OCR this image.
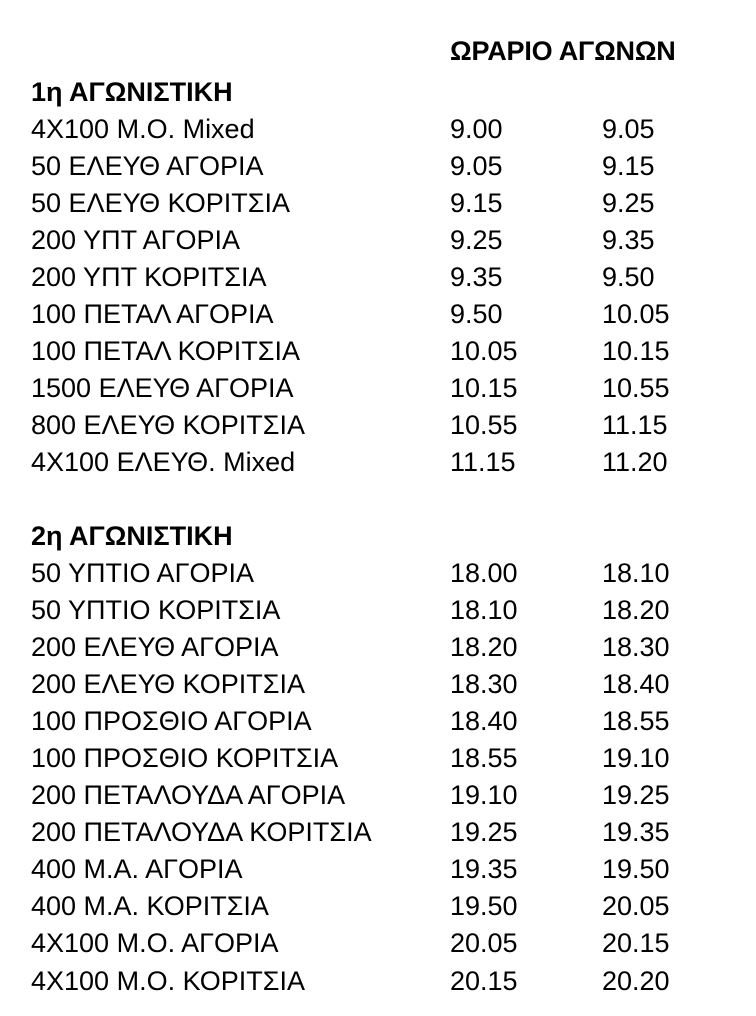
ΩΡΑΡΙΟ ΑΓΩΝΩΝ
1η ΑΓΩΝΙΣΤΙΚΗ
4Χ100 Μ.Ο. Mixed	9.00	9.05
50 ΕΛΕΥΘ ΑΓΟΡΙΑ	9.05	9.15
50 ΕΛΕΥΘ ΚΟΡΙΤΣΙΑ	9.15	9.25
200 ΥΠΤ ΑΓΟΡΙΑ	9.25	9.35
200 ΥΠΤ ΚΟΡΙΤΣΙΑ	9.35	9.50
100 ΠΕΤΑΛ ΑΓΟΡΙΑ	9.50	10.05
100 ΠΕΤΑΛ ΚΟΡΙΤΣΙΑ	10.05	10.15
1500 ΕΛΕΥΘ ΑΓΟΡΙΑ	10.15	10.55
800 ΕΛΕΥΘ ΚΟΡΙΤΣΙΑ	10.55	11.15
4Χ100 ΕΛΕΥΘ. Mixed	11.15	11.20
2η ΑΓΩΝΙΣΤΙΚΗ
50 ΥΠΤΙΟ ΑΓΟΡΙΑ	18.00	18.10
50 ΥΠΤΙΟ ΚΟΡΙΤΣΙΑ	18.10	18.20
200 ΕΛΕΥΘ ΑΓΟΡΙΑ	18.20	18.30
200 ΕΛΕΥΘ ΚΟΡΙΤΣΙΑ	18.30	18.40
100 ΠΡΟΣΘΙΟ ΑΓΟΡΙΑ	18.40	18.55
100 ΠΡΟΣΘΙΟ ΚΟΡΙΤΣΙΑ	18.55	19.10
200 ΠΕΤΑΛΟΥΔΑ ΑΓΟΡΙΑ	19.10	19.25
200 ΠΕΤΑΛΟΥΔΑ ΚΟΡΙΤΣΙΑ	19.25	19.35
400 Μ.Α. ΑΓΟΡΙΑ	19.35	19.50
400 Μ.Α. ΚΟΡΙΤΣΙΑ	19.50	20.05
4Χ100 Μ.Ο. ΑΓΟΡΙΑ	20.05	20.15
4Χ100 Μ.Ο. ΚΟΡΙΤΣΙΑ	20.15	20.20
